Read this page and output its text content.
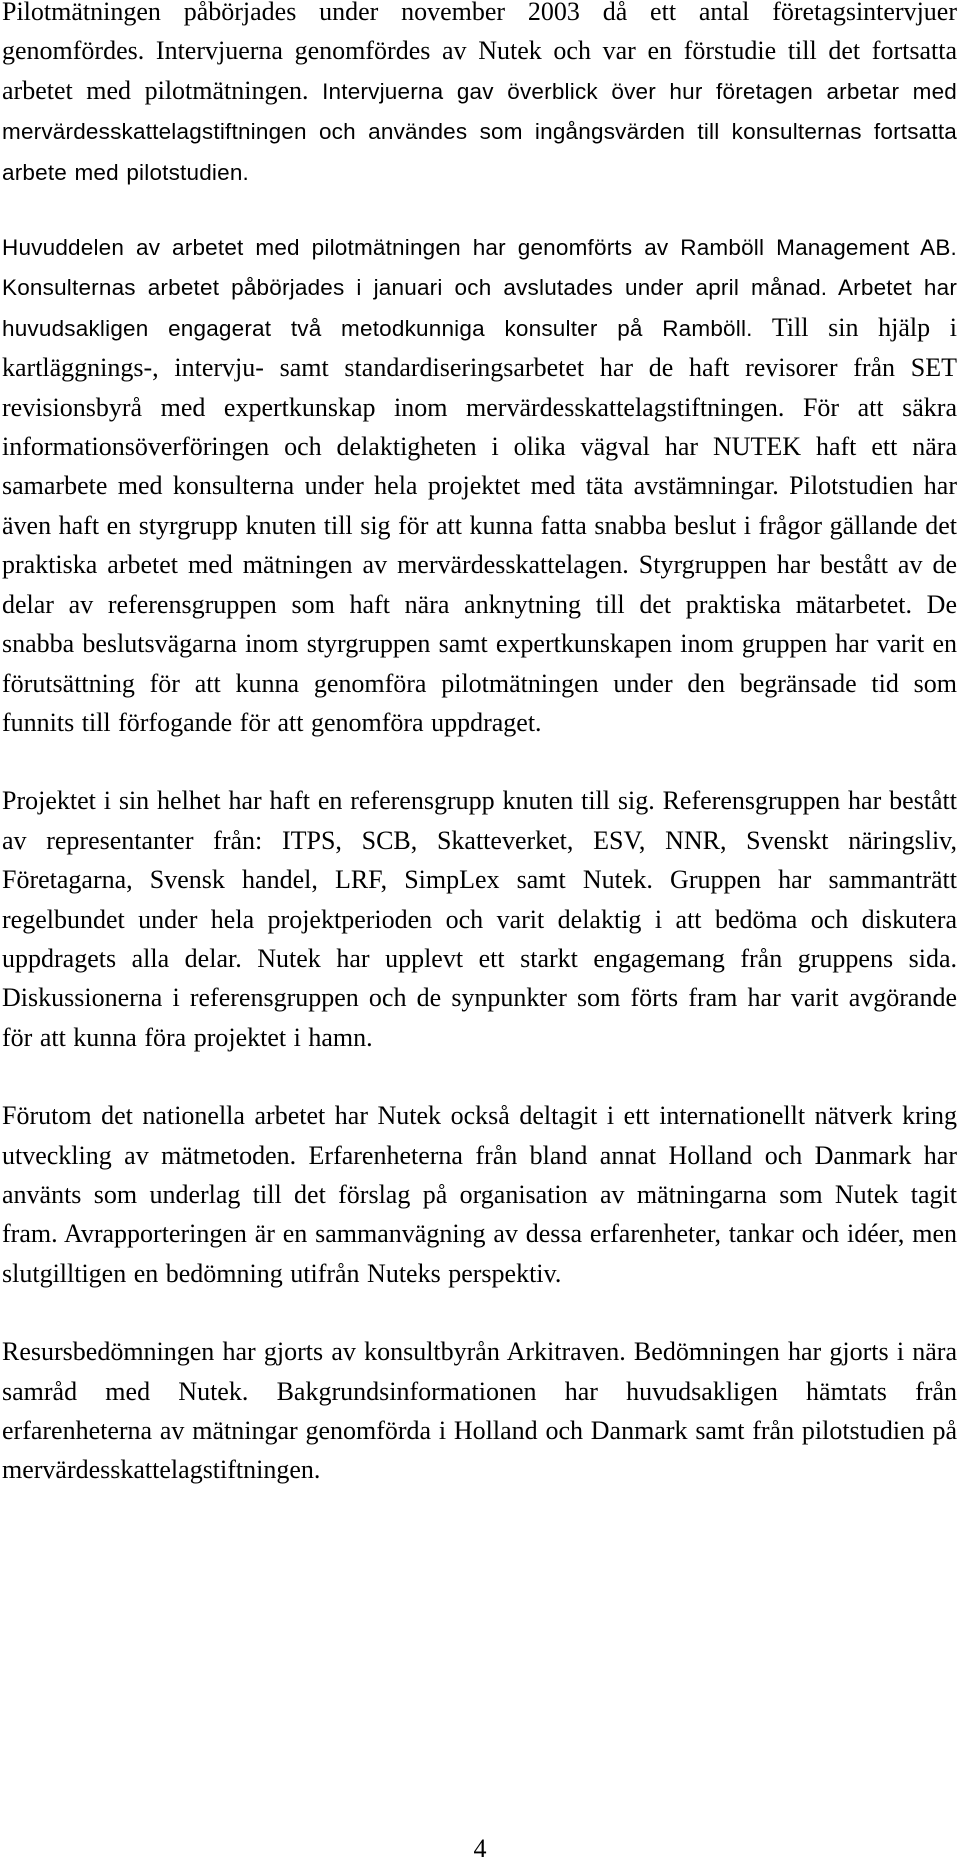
Pilotmätningen påbörjades under november 2003 då ett antal företagsintervjuer genomfördes. Intervjuerna genomfördes av Nutek och var en förstudie till det fortsatta arbetet med pilotmätningen. Intervjuerna gav överblick över hur företagen arbetar med mervärdesskattelagstiftningen och användes som ingångsvärden till konsulternas fortsatta arbete med pilotstudien.

Huvuddelen av arbetet med pilotmätningen har genomförts av Ramböll Management AB. Konsulternas arbetet påbörjades i januari och avslutades under april månad. Arbetet har huvudsakligen engagerat två metodkunniga konsulter på Ramböll. Till sin hjälp i kartläggnings-, intervju- samt standardiseringsarbetet har de haft revisorer från SET revisionsbyrå med expertkunskap inom mervärdesskattelagstiftningen. För att säkra informationsöverföringen och delaktigheten i olika vägval har NUTEK haft ett nära samarbete med konsulterna under hela projektet med täta avstämningar. Pilotstudien har även haft en styrgrupp knuten till sig för att kunna fatta snabba beslut i frågor gällande det praktiska arbetet med mätningen av mervärdesskattelagen. Styrgruppen har bestått av de delar av referensgruppen som haft nära anknytning till det praktiska mätarbetet. De snabba beslutsvägarna inom styrgruppen samt expertkunskapen inom gruppen har varit en förutsättning för att kunna genomföra pilotmätningen under den begränsade tid som funnits till förfogande för att genomföra uppdraget.

Projektet i sin helhet har haft en referensgrupp knuten till sig. Referensgruppen har bestått av representanter från: ITPS, SCB, Skatteverket, ESV, NNR, Svenskt näringsliv, Företagarna, Svensk handel, LRF, SimpLex samt Nutek. Gruppen har sammanträtt regelbundet under hela projektperioden och varit delaktig i att bedöma och diskutera uppdragets alla delar. Nutek har upplevt ett starkt engagemang från gruppens sida. Diskussionerna i referensgruppen och de synpunkter som förts fram har varit avgörande för att kunna föra projektet i hamn.

Förutom det nationella arbetet har Nutek också deltagit i ett internationellt nätverk kring utveckling av mätmetoden. Erfarenheterna från bland annat Holland och Danmark har använts som underlag till det förslag på organisation av mätningarna som Nutek tagit fram. Avrapporteringen är en sammanvägning av dessa erfarenheter, tankar och idéer, men slutgilltigen en bedömning utifrån Nuteks perspektiv.

Resursbedömningen har gjorts av konsultbyrån Arkitraven. Bedömningen har gjorts i nära samråd med Nutek. Bakgrundsinformationen har huvudsakligen hämtats från erfarenheterna av mätningar genomförda i Holland och Danmark samt från pilotstudien på mervärdesskattelagstiftningen.

4
